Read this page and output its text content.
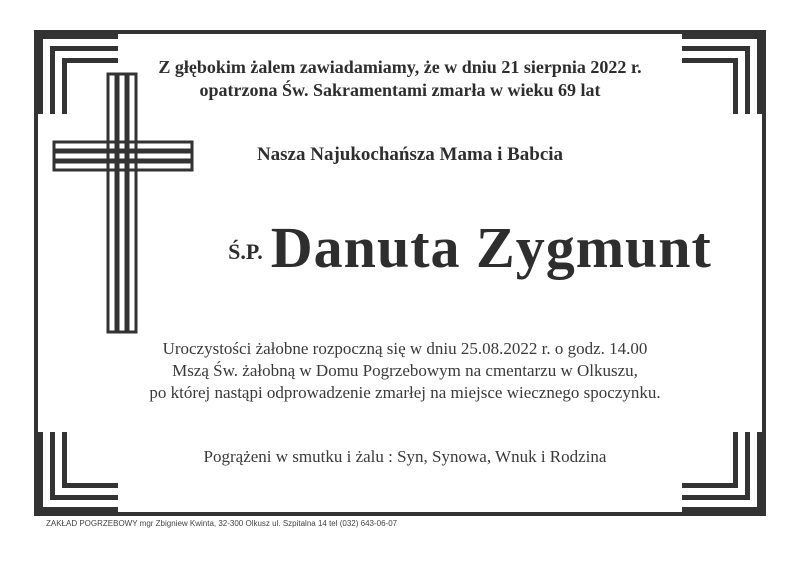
Z głębokim żalem zawiadamiamy, że w dniu 21 sierpnia 2022 r.
opatrzona Św. Sakramentami zmarła w wieku 69 lat
Nasza Najukochańsza Mama i Babcia
Ś.P. Danuta Zygmunt
Uroczystości żałobne rozpoczną się w dniu 25.08.2022 r. o godz. 14.00
Mszą Św. żałobną w Domu Pogrzebowym na cmentarzu w Olkuszu,
po której nastąpi odprowadzenie zmarłej na miejsce wiecznego spoczynku.
Pogrążeni w smutku i żalu : Syn, Synowa, Wnuk i Rodzina
ZAKŁAD POGRZEBOWY mgr Zbigniew Kwinta, 32-300 Olkusz ul. Szpitalna 14 tel (032) 643-06-07
